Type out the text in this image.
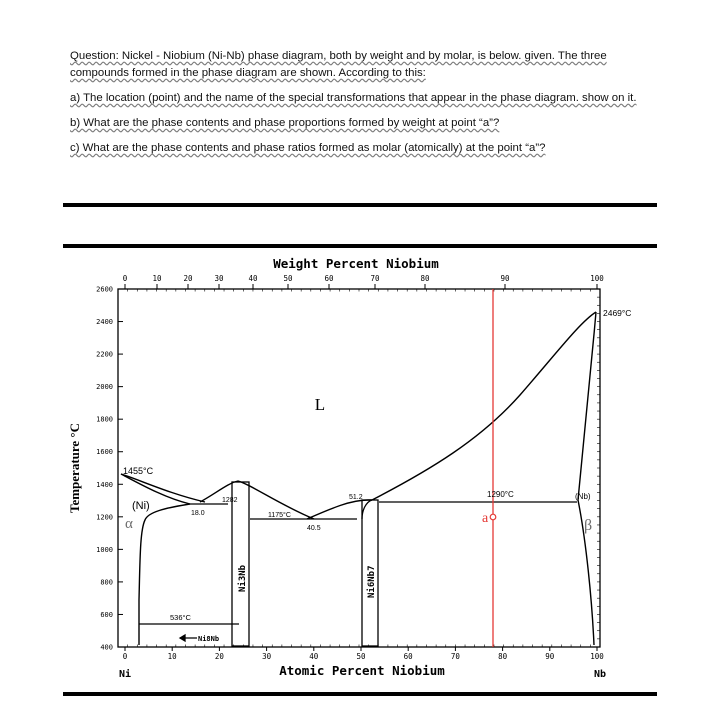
Question: Nickel - Niobium (Ni-Nb) phase diagram, both by weight and by molar, is below. given. The three compounds formed in the phase diagram are shown. According to this:

a) The location (point) and the name of the special transformations that appear in the phase diagram. show on it.

b) What are the phase contents and phase proportions formed by weight at point “a”?

c) What are the phase contents and phase ratios formed as molar (atomically) at the point “a”?

0	10	20	30	40	50	60	70	80	90	100
0	10	20	30	40	50	60	70	80	90	100
2600
2400
2200
2000
1800
1600
1400
1200
1000
800
600
400
Weight Percent Niobium
Atomic Percent Niobium
Temperature °C
Ni	Nb
L
(Ni)
α
(Nb)
β
a
Ni3Nb	Ni6Nb7
Ni8Nb
1455°C
2469°C
1282
18.0	1175°C
40.5
51.2	1290°C
536°C
